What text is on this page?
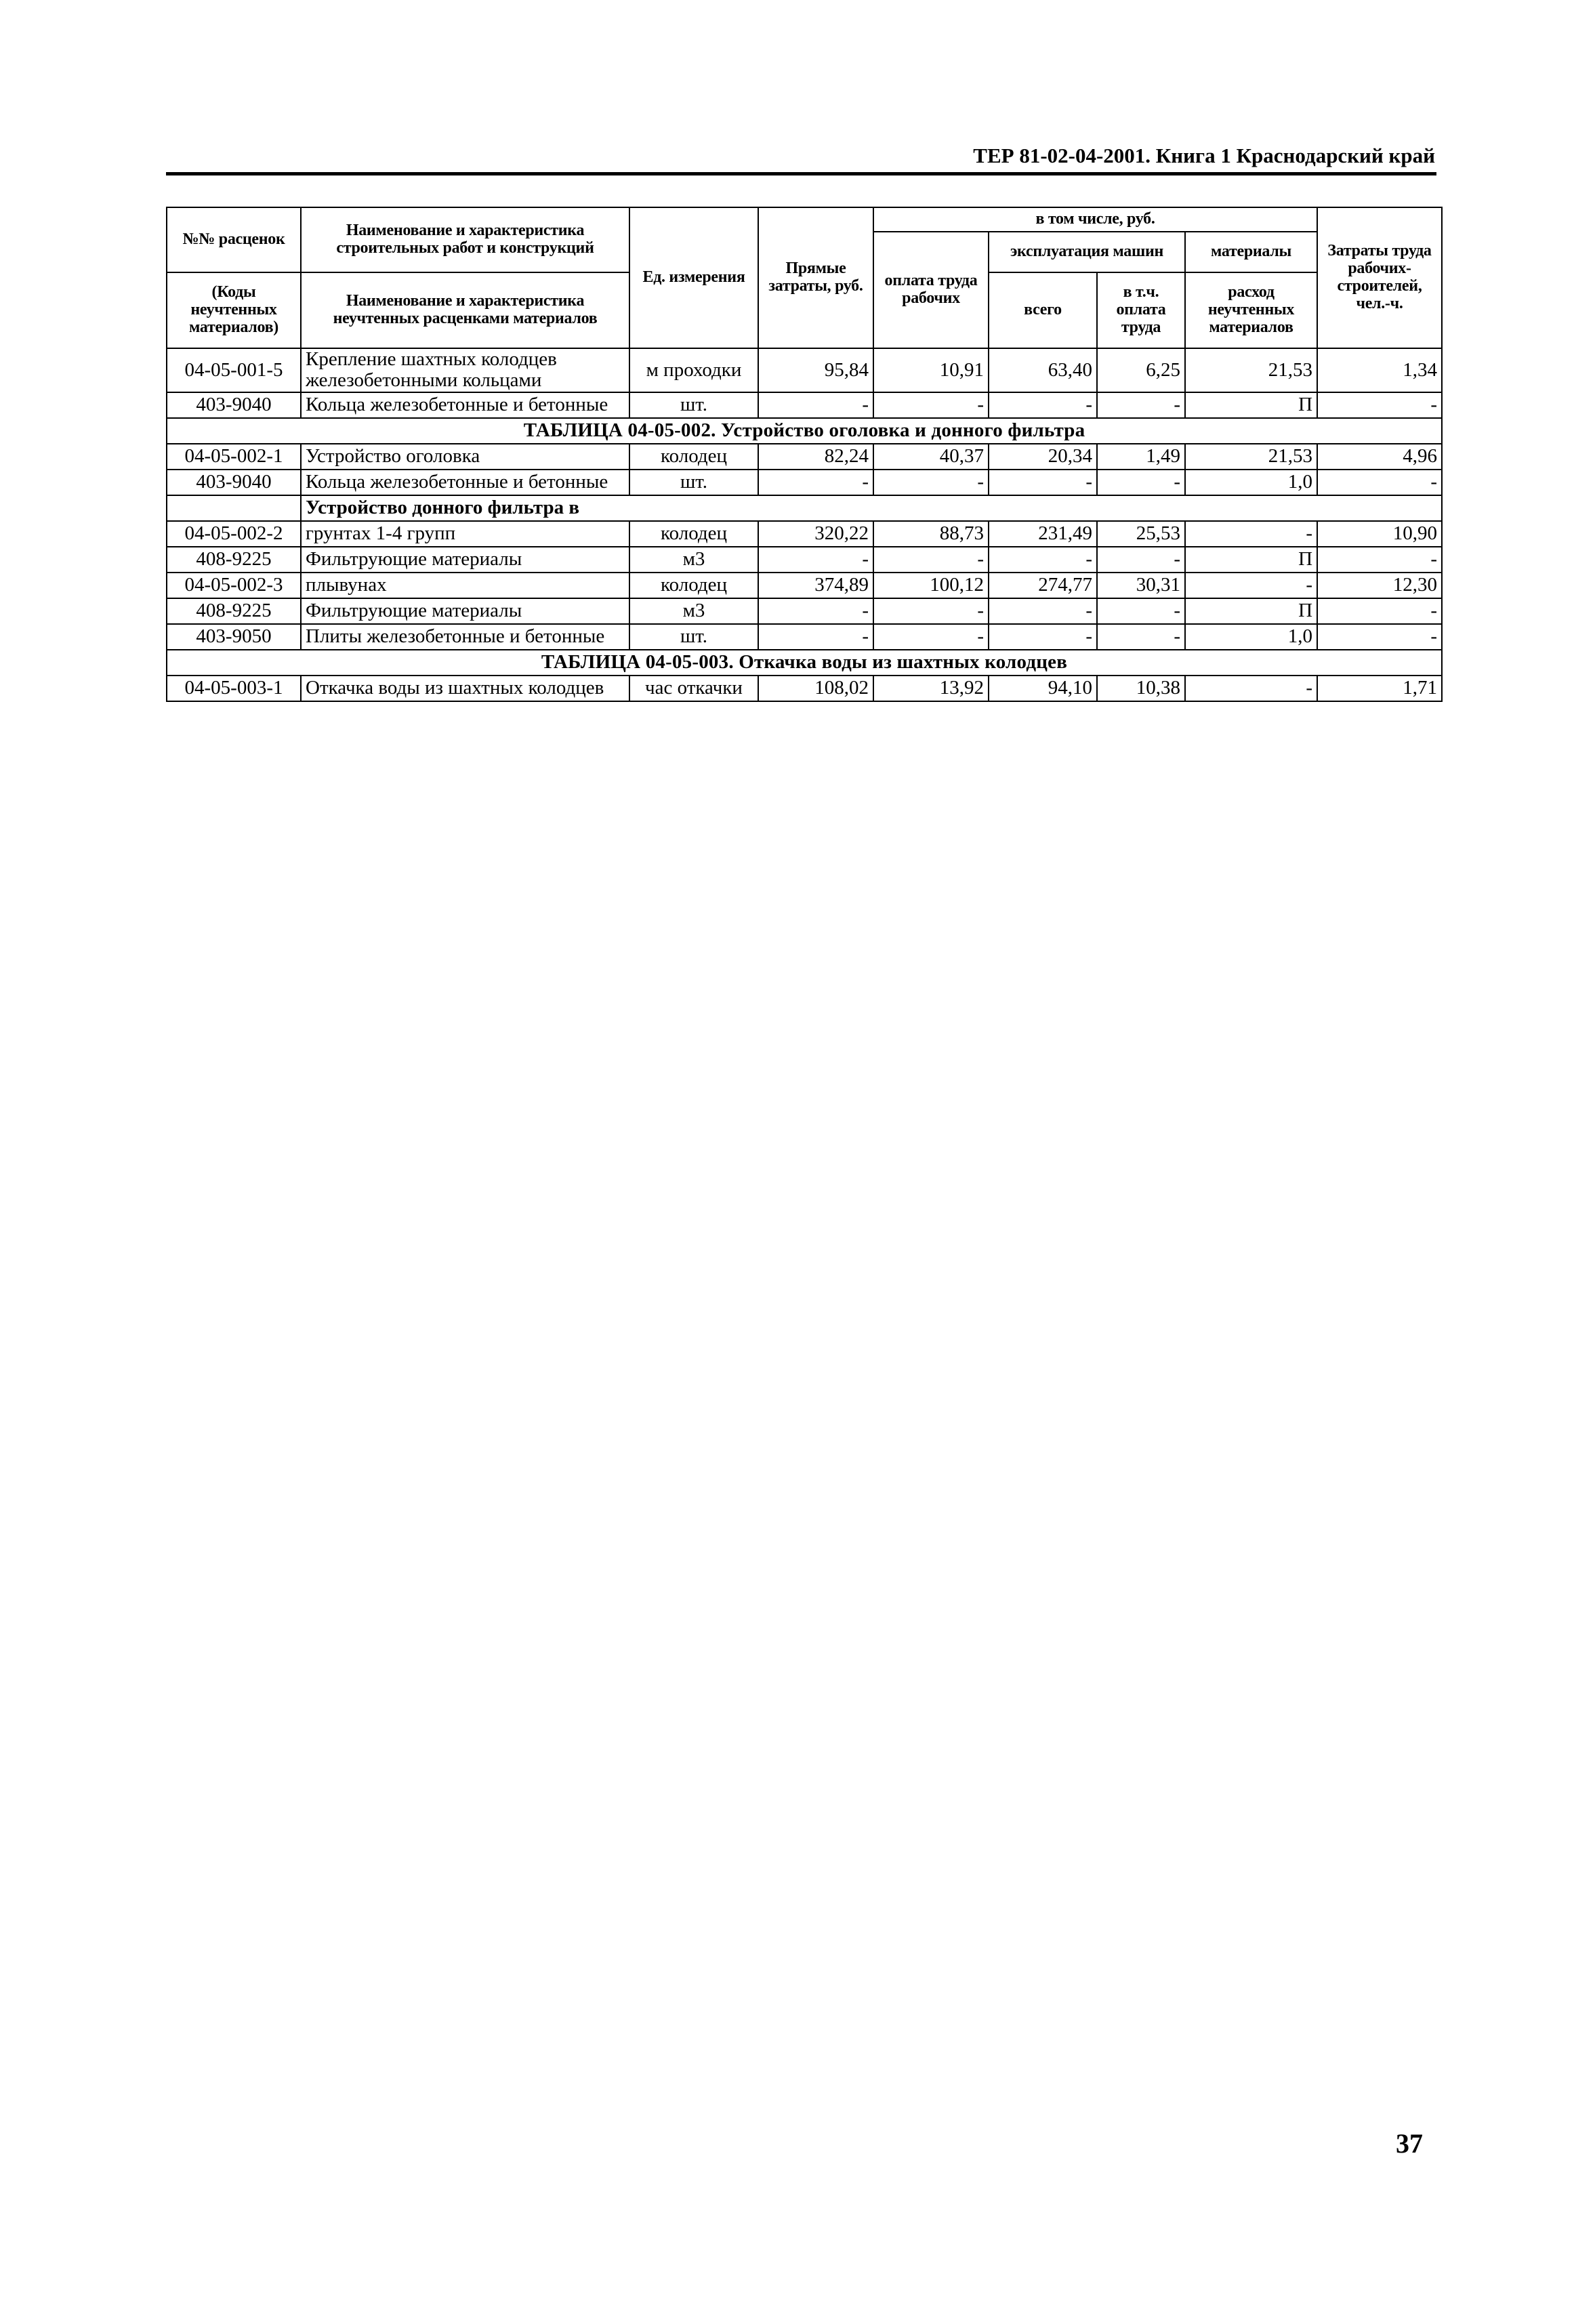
ТЕР 81-02-04-2001. Книга 1 Краснодарский край
№№ расценок	Наименование и характеристика строительных работ и конструкций	Ед. измерения	Прямые затраты, руб.	в том числе, руб.				Затраты труда рабочих-строителей, чел.-ч.
				оплата труда рабочих	эксплуатация машин		материалы	
(Коды неучтенных материалов)	Наименование и характеристика неучтенных расценками материалов				всего	в т.ч. оплата труда	расход неучтенных материалов	

04-05-001-5	Крепление шахтных колодцев железобетонными кольцами	м проходки	95,84	10,91	63,40	6,25	21,53	1,34
403-9040	Кольца железобетонные и бетонные	шт.	-	-	-	-	П	-
ТАБЛИЦА 04-05-002. Устройство оголовка и донного фильтра								
04-05-002-1	Устройство оголовка	колодец	82,24	40,37	20,34	1,49	21,53	4,96
403-9040	Кольца железобетонные и бетонные	шт.	-	-	-	-	1,0	-
	Устройство донного фильтра в							
04-05-002-2	грунтах 1-4 групп	колодец	320,22	88,73	231,49	25,53	-	10,90
408-9225	Фильтрующие материалы	м3	-	-	-	-	П	-
04-05-002-3	плывунах	колодец	374,89	100,12	274,77	30,31	-	12,30
408-9225	Фильтрующие материалы	м3	-	-	-	-	П	-
403-9050	Плиты железобетонные и бетонные	шт.	-	-	-	-	1,0	-
ТАБЛИЦА 04-05-003. Откачка воды из шахтных колодцев								
04-05-003-1	Откачка воды из шахтных колодцев	час откачки	108,02	13,92	94,10	10,38	-	1,71
37
